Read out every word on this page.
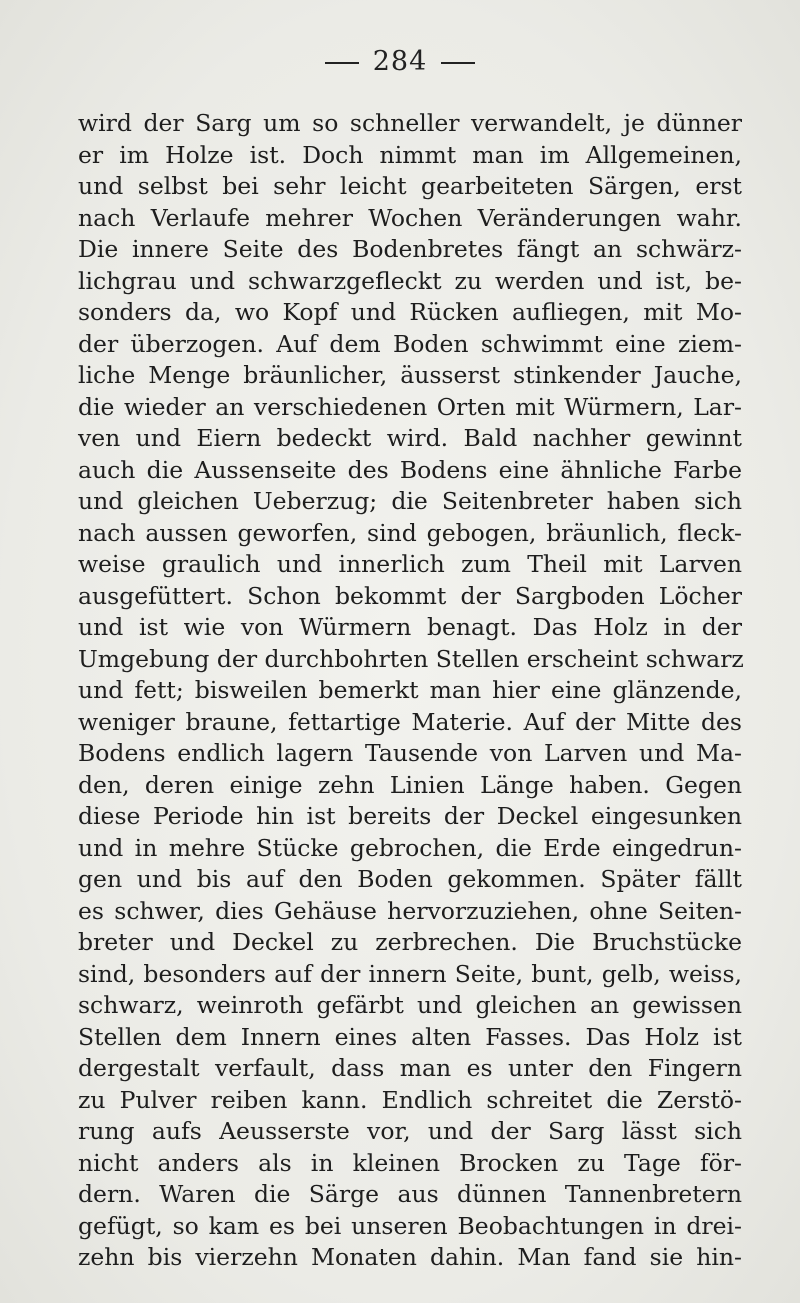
284
wird der Sarg um so schneller verwandelt, je dünner
er im Holze ist. Doch nimmt man im Allgemeinen,
und selbst bei sehr leicht gearbeiteten Särgen, erst
nach Verlaufe mehrer Wochen Veränderungen wahr.
Die innere Seite des Bodenbretes fängt an schwärz-
lichgrau und schwarzgefleckt zu werden und ist, be-
sonders da, wo Kopf und Rücken aufliegen, mit Mo-
der überzogen. Auf dem Boden schwimmt eine ziem-
liche Menge bräunlicher, äusserst stinkender Jauche,
die wieder an verschiedenen Orten mit Würmern, Lar-
ven und Eiern bedeckt wird. Bald nachher gewinnt
auch die Aussenseite des Bodens eine ähnliche Farbe
und gleichen Ueberzug; die Seitenbreter haben sich
nach aussen geworfen, sind gebogen, bräunlich, fleck-
weise graulich und innerlich zum Theil mit Larven
ausgefüttert. Schon bekommt der Sargboden Löcher
und ist wie von Würmern benagt. Das Holz in der
Umgebung der durchbohrten Stellen erscheint schwarz
und fett; bisweilen bemerkt man hier eine glänzende,
weniger braune, fettartige Materie. Auf der Mitte des
Bodens endlich lagern Tausende von Larven und Ma-
den, deren einige zehn Linien Länge haben. Gegen
diese Periode hin ist bereits der Deckel eingesunken
und in mehre Stücke gebrochen, die Erde eingedrun-
gen und bis auf den Boden gekommen. Später fällt
es schwer, dies Gehäuse hervorzuziehen, ohne Seiten-
breter und Deckel zu zerbrechen. Die Bruchstücke
sind, besonders auf der innern Seite, bunt, gelb, weiss,
schwarz, weinroth gefärbt und gleichen an gewissen
Stellen dem Innern eines alten Fasses. Das Holz ist
dergestalt verfault, dass man es unter den Fingern
zu Pulver reiben kann. Endlich schreitet die Zerstö-
rung aufs Aeusserste vor, und der Sarg lässt sich
nicht anders als in kleinen Brocken zu Tage för-
dern. Waren die Särge aus dünnen Tannenbretern
gefügt, so kam es bei unseren Beobachtungen in drei-
zehn bis vierzehn Monaten dahin. Man fand sie hin-
